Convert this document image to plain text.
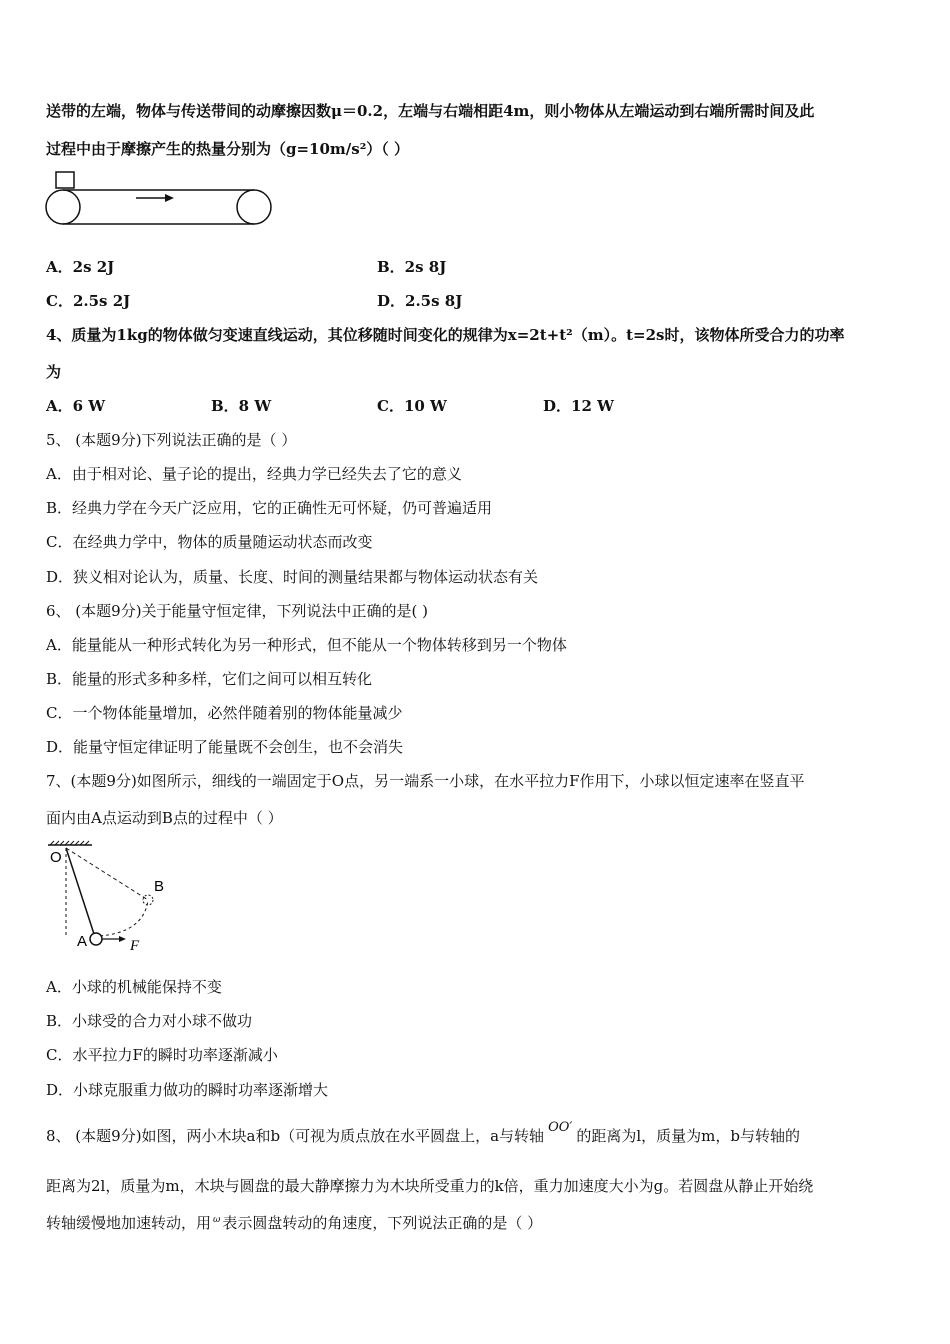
送带的左端，物体与传送带间的动摩擦因数μ＝0.2，左端与右端相距4m，则小物体从左端运动到右端所需时间及此
过程中由于摩擦产生的热量分别为（g=10m/s²）（ ）
A．2s 2J	B．2s 8J
C．2.5s 2J	D．2.5s 8J
4、质量为1kg的物体做匀变速直线运动，其位移随时间变化的规律为x=2t+t²（m）。t=2s时，该物体所受合力的功率
为
A．6 W	B．8 W	C．10 W	D．12 W
5、 (本题9分)下列说法正确的是（ ）
A．由于相对论、量子论的提出，经典力学已经失去了它的意义
B．经典力学在今天广泛应用，它的正确性无可怀疑，仍可普遍适用
C．在经典力学中，物体的质量随运动状态而改变
D．狭义相对论认为，质量、长度、时间的测量结果都与物体运动状态有关
6、 (本题9分)关于能量守恒定律，下列说法中正确的是( )
A．能量能从一种形式转化为另一种形式，但不能从一个物体转移到另一个物体
B．能量的形式多种多样，它们之间可以相互转化
C．一个物体能量增加，必然伴随着别的物体能量减少
D．能量守恒定律证明了能量既不会创生，也不会消失
7、(本题9分)如图所示，细线的一端固定于O点，另一端系一小球，在水平拉力F作用下，小球以恒定速率在竖直平
面内由A点运动到B点的过程中（ ）
O
A
B
F
A．小球的机械能保持不变
B．小球受的合力对小球不做功
C．水平拉力F的瞬时功率逐渐减小
D．小球克服重力做功的瞬时功率逐渐增大
8、 (本题9分)如图，两小木块a和b（可视为质点放在水平圆盘上，a与转轴 OO′ 的距离为l，质量为m，b与转轴的
距离为2l，质量为m，木块与圆盘的最大静摩擦力为木块所受重力的k倍，重力加速度大小为g。若圆盘从静止开始绕
转轴缓慢地加速转动，用 $^\omega$ 表示圆盘转动的角速度，下列说法正确的是（ ）
